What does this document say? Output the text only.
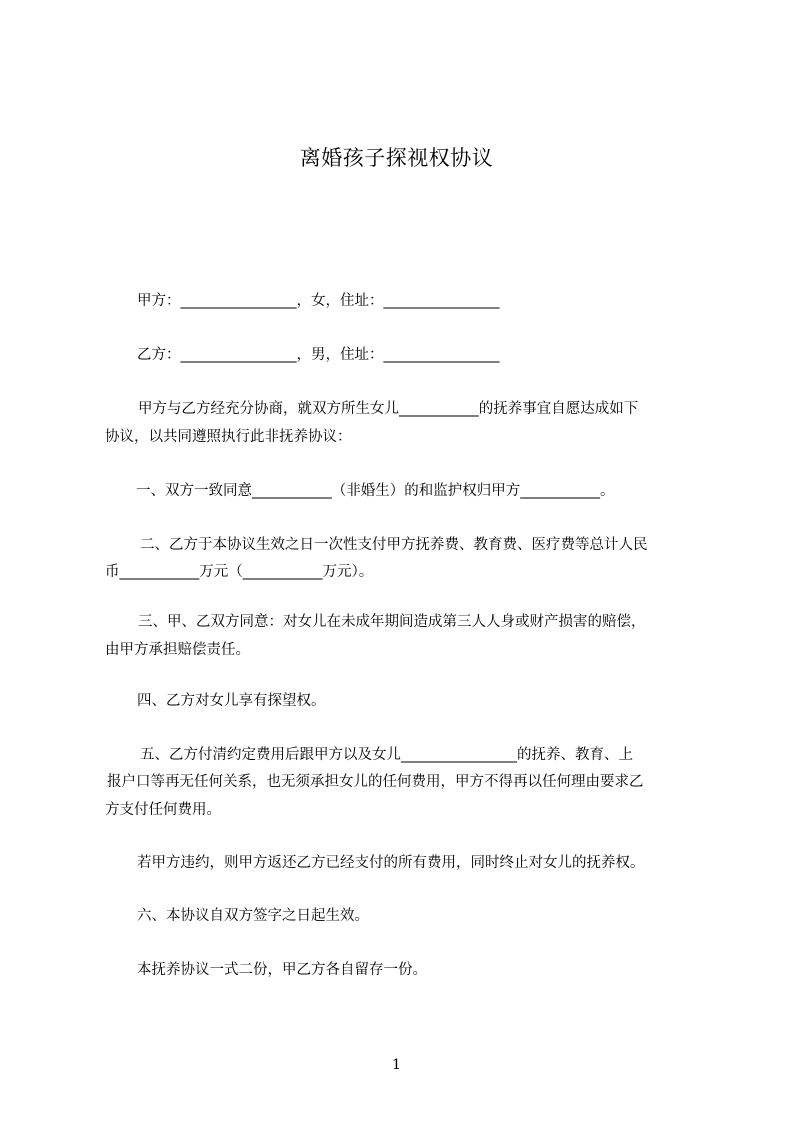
离婚孩子探视权协议
甲方：________________，女，住址：________________
乙方：________________，男，住址：________________
甲方与乙方经充分协商，就双方所生女儿___________的抚养事宜自愿达成如下
协议，以共同遵照执行此非抚养协议：
一、双方一致同意___________（非婚生）的和监护权归甲方___________。
二、乙方于本协议生效之日一次性支付甲方抚养费、教育费、医疗费等总计人民
币___________万元（___________万元）。
三、甲、乙双方同意：对女儿在未成年期间造成第三人人身或财产损害的赔偿，
由甲方承担赔偿责任。
四、乙方对女儿享有探望权。
五、乙方付清约定费用后跟甲方以及女儿________________的抚养、教育、上
报户口等再无任何关系，也无须承担女儿的任何费用，甲方不得再以任何理由要求乙
方支付任何费用。
若甲方违约，则甲方返还乙方已经支付的所有费用，同时终止对女儿的抚养权。
六、本协议自双方签字之日起生效。
本抚养协议一式二份，甲乙方各自留存一份。
1
